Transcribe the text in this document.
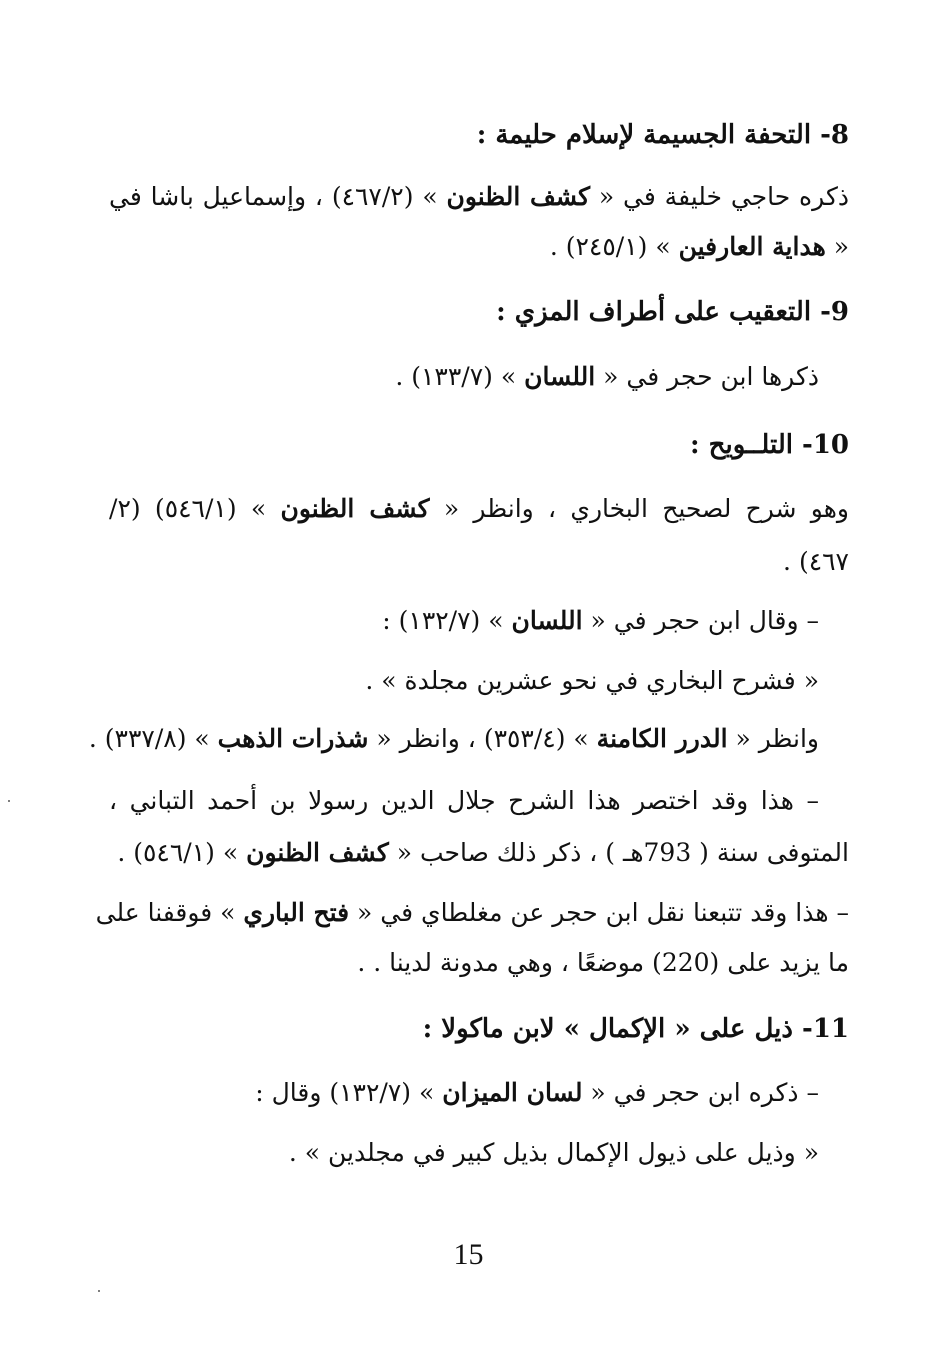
8- التحفة الجسيمة لإسلام حليمة :
ذكره حاجي خليفة في « كشف الظنون » (٤٦٧/٢) ، وإسماعيل باشا في
« هداية العارفين » (٢٤٥/١) .
9- التعقيب على أطراف المزي :
ذكرها ابن حجر في « اللسان » (١٣٣/٧) .
10- التلــويح :
وهو شرح لصحيح البخاري ، وانظر « كشف الظنون » (٥٤٦/١) (٢/
٤٦٧) .
– وقال ابن حجر في « اللسان » (١٣٢/٧) :
« فشرح البخاري في نحو عشرين مجلدة » .
وانظر « الدرر الكامنة » (٣٥٣/٤) ، وانظر « شذرات الذهب » (٣٣٧/٨) .
– هذا وقد اختصر هذا الشرح جلال الدين رسولا بن أحمد التباني ،
المتوفى سنة ( 793هـ ) ، ذكر ذلك صاحب « كشف الظنون » (٥٤٦/١) .
– هذا وقد تتبعنا نقل ابن حجر عن مغلطاي في « فتح الباري » فوقفنا على
ما يزيد على (220) موضعًا ، وهي مدونة لدينا . .
11- ذيل على « الإكمال » لابن ماكولا :
– ذكره ابن حجر في « لسان الميزان » (١٣٢/٧) وقال :
« وذيل على ذيول الإكمال بذيل كبير في مجلدين » .
15
